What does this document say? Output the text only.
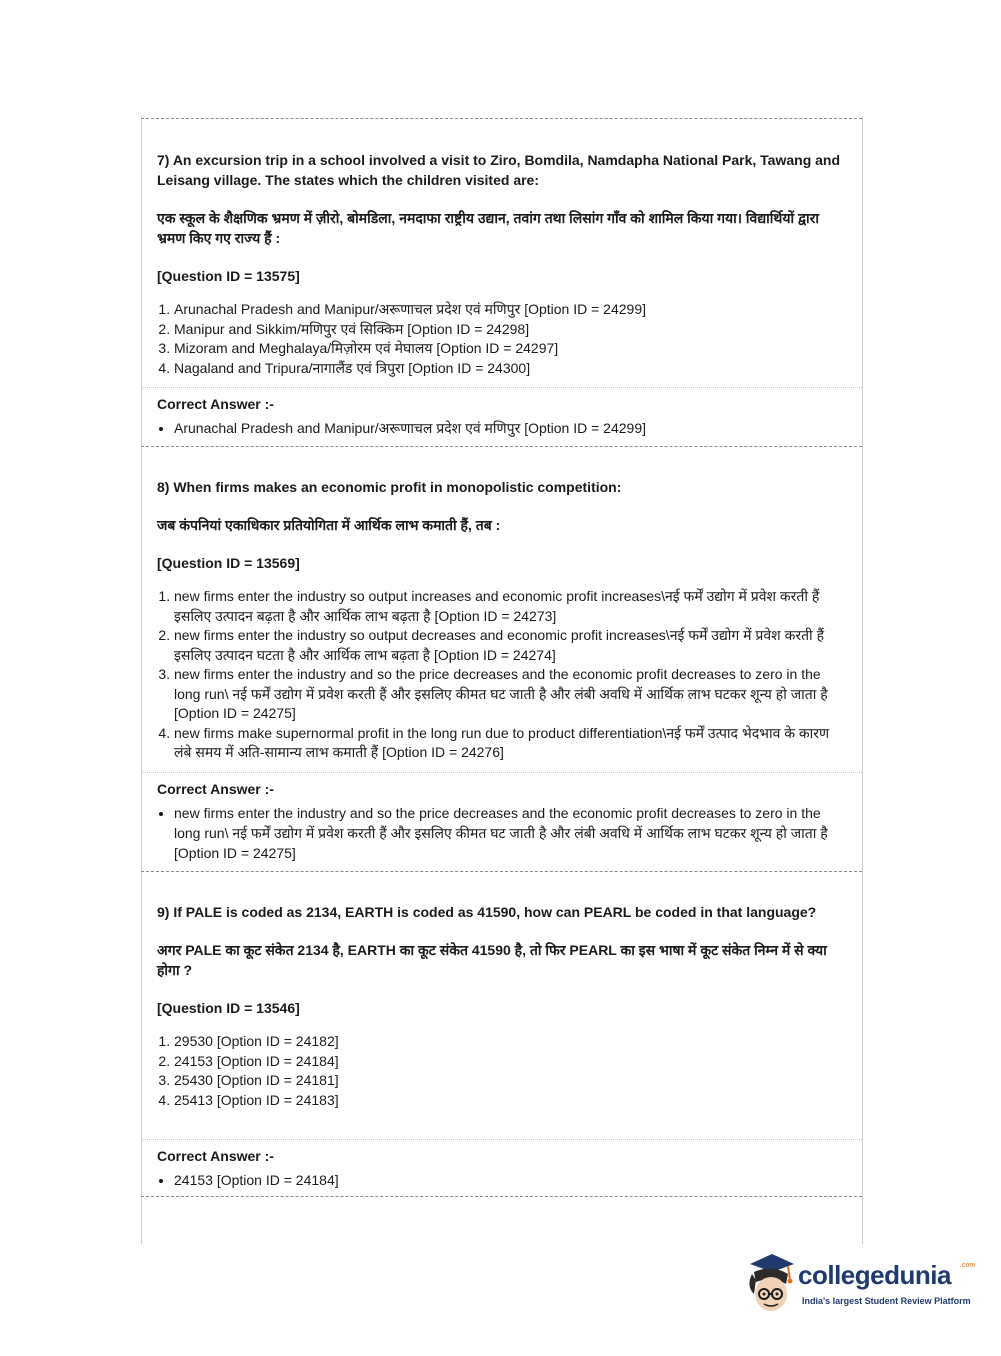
7) An excursion trip in a school involved a visit to Ziro, Bomdila, Namdapha National Park, Tawang and Leisang village. The states which the children visited are:

एक स्कूल के शैक्षणिक भ्रमण में ज़ीरो, बोमडिला, नमदाफा राष्ट्रीय उद्यान, तवांग तथा लिसांग गाँव को शामिल किया गया। विद्यार्थियों द्वारा भ्रमण किए गए राज्य हैं :

[Question ID = 13575]

1. Arunachal Pradesh and Manipur/अरूणाचल प्रदेश एवं मणिपुर [Option ID = 24299]
2. Manipur and Sikkim/मणिपुर एवं सिक्किम [Option ID = 24298]
3. Mizoram and Meghalaya/मिज़ोरम एवं मेघालय [Option ID = 24297]
4. Nagaland and Tripura/नागालैंड एवं त्रिपुरा [Option ID = 24300]

Correct Answer :-

• Arunachal Pradesh and Manipur/अरूणाचल प्रदेश एवं मणिपुर [Option ID = 24299]

8) When firms makes an economic profit in monopolistic competition:

जब कंपनियां एकाधिकार प्रतियोगिता में आर्थिक लाभ कमाती हैं, तब :

[Question ID = 13569]

1. new firms enter the industry so output increases and economic profit increases\नई फर्में उद्योग में प्रवेश करती हैं इसलिए उत्पादन बढ़ता है और आर्थिक लाभ बढ़ता है [Option ID = 24273]
2. new firms enter the industry so output decreases and economic profit increases\नई फर्में उद्योग में प्रवेश करती हैं इसलिए उत्पादन घटता है और आर्थिक लाभ बढ़ता है [Option ID = 24274]
3. new firms enter the industry and so the price decreases and the economic profit decreases to zero in the long run\ नई फर्में उद्योग में प्रवेश करती हैं और इसलिए कीमत घट जाती है और लंबी अवधि में आर्थिक लाभ घटकर शून्य हो जाता है [Option ID = 24275]
4. new firms make supernormal profit in the long run due to product differentiation\नई फर्में उत्पाद भेदभाव के कारण लंबे समय में अति-सामान्य लाभ कमाती हैं [Option ID = 24276]

Correct Answer :-

• new firms enter the industry and so the price decreases and the economic profit decreases to zero in the long run\ नई फर्में उद्योग में प्रवेश करती हैं और इसलिए कीमत घट जाती है और लंबी अवधि में आर्थिक लाभ घटकर शून्य हो जाता है [Option ID = 24275]

9) If PALE is coded as 2134, EARTH is coded as 41590, how can PEARL be coded in that language?

अगर PALE का कूट संकेत 2134 है, EARTH का कूट संकेत 41590 है, तो फिर PEARL का इस भाषा में कूट संकेत निम्न में से क्या होगा ?

[Question ID = 13546]

1. 29530 [Option ID = 24182]
2. 24153 [Option ID = 24184]
3. 25430 [Option ID = 24181]
4. 25413 [Option ID = 24183]

Correct Answer :-

• 24153 [Option ID = 24184]
collegedunia .com
India's largest Student Review Platform
